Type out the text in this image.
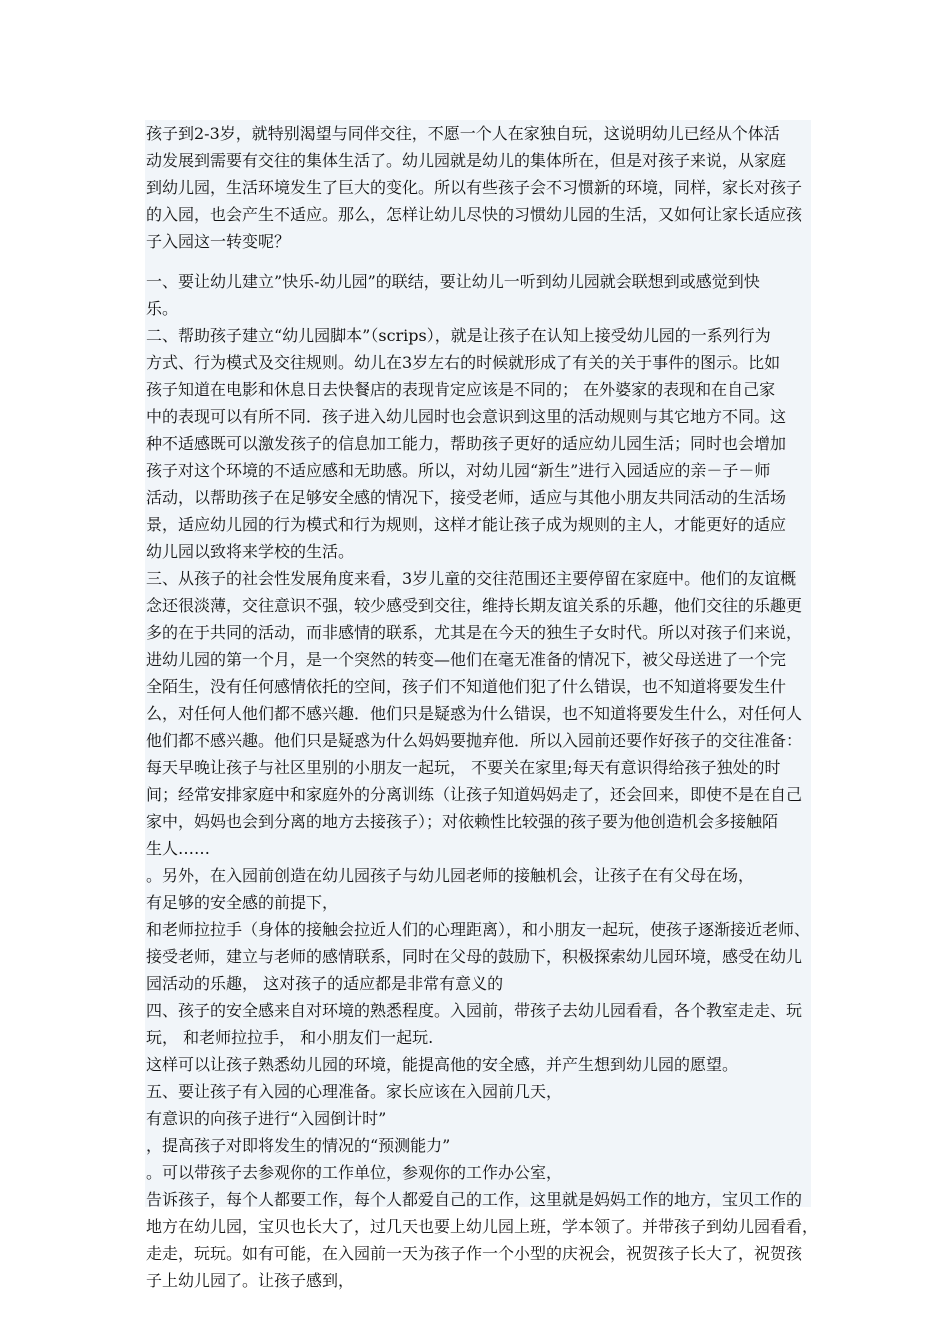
孩子到2-3岁，就特别渴望与同伴交往，不愿一个人在家独自玩，这说明幼儿已经从个体活

动发展到需要有交往的集体生活了。幼儿园就是幼儿的集体所在，但是对孩子来说，从家庭

到幼儿园，生活环境发生了巨大的变化。所以有些孩子会不习惯新的环境，同样，家长对孩子

的入园，也会产生不适应。那么，怎样让幼儿尽快的习惯幼儿园的生活，又如何让家长适应孩

子入园这一转变呢？

一、要让幼儿建立”快乐-幼儿园”的联结，要让幼儿一听到幼儿园就会联想到或感觉到快

乐。

二、帮助孩子建立“幼儿园脚本”（scrips），就是让孩子在认知上接受幼儿园的一系列行为

方式、行为模式及交往规则。幼儿在3岁左右的时候就形成了有关的关于事件的图示。比如

孩子知道在电影和休息日去快餐店的表现肯定应该是不同的； 在外婆家的表现和在自己家

中的表现可以有所不同．孩子进入幼儿园时也会意识到这里的活动规则与其它地方不同。这

种不适感既可以激发孩子的信息加工能力，帮助孩子更好的适应幼儿园生活；同时也会增加

孩子对这个环境的不适应感和无助感。所以，对幼儿园“新生”进行入园适应的亲－子－师

活动，以帮助孩子在足够安全感的情况下，接受老师，适应与其他小朋友共同活动的生活场

景，适应幼儿园的行为模式和行为规则，这样才能让孩子成为规则的主人，才能更好的适应

幼儿园以致将来学校的生活。

三、从孩子的社会性发展角度来看，3岁儿童的交往范围还主要停留在家庭中。他们的友谊概

念还很淡薄，交往意识不强，较少感受到交往，维持长期友谊关系的乐趣，他们交往的乐趣更

多的在于共同的活动，而非感情的联系，尤其是在今天的独生子女时代。所以对孩子们来说，

进幼儿园的第一个月，是一个突然的转变—他们在毫无准备的情况下，被父母送进了一个完

全陌生，没有任何感情依托的空间，孩子们不知道他们犯了什么错误，也不知道将要发生什

么，对任何人他们都不感兴趣．他们只是疑惑为什么错误，也不知道将要发生什么，对任何人

他们都不感兴趣。他们只是疑惑为什么妈妈要抛弃他．所以入园前还要作好孩子的交往准备：

每天早晚让孩子与社区里别的小朋友一起玩， 不要关在家里;每天有意识得给孩子独处的时

间；经常安排家庭中和家庭外的分离训练（让孩子知道妈妈走了，还会回来，即使不是在自己

家中，妈妈也会到分离的地方去接孩子）；对依赖性比较强的孩子要为他创造机会多接触陌

生人……

。另外，在入园前创造在幼儿园孩子与幼儿园老师的接触机会，让孩子在有父母在场，

有足够的安全感的前提下，

和老师拉拉手（身体的接触会拉近人们的心理距离），和小朋友一起玩，使孩子逐渐接近老师、

接受老师，建立与老师的感情联系，同时在父母的鼓励下，积极探索幼儿园环境，感受在幼儿

园活动的乐趣， 这对孩子的适应都是非常有意义的

四、孩子的安全感来自对环境的熟悉程度。入园前，带孩子去幼儿园看看，各个教室走走、玩

玩， 和老师拉拉手， 和小朋友们一起玩.

这样可以让孩子熟悉幼儿园的环境，能提高他的安全感，并产生想到幼儿园的愿望。

五、要让孩子有入园的心理准备。家长应该在入园前几天，

有意识的向孩子进行“入园倒计时”

，提高孩子对即将发生的情况的“预测能力”

。可以带孩子去参观你的工作单位，参观你的工作办公室，

告诉孩子，每个人都要工作，每个人都爱自己的工作，这里就是妈妈工作的地方，宝贝工作的

地方在幼儿园，宝贝也长大了，过几天也要上幼儿园上班，学本领了。并带孩子到幼儿园看看，

走走，玩玩。如有可能，在入园前一天为孩子作一个小型的庆祝会，祝贺孩子长大了，祝贺孩

子上幼儿园了。让孩子感到，
